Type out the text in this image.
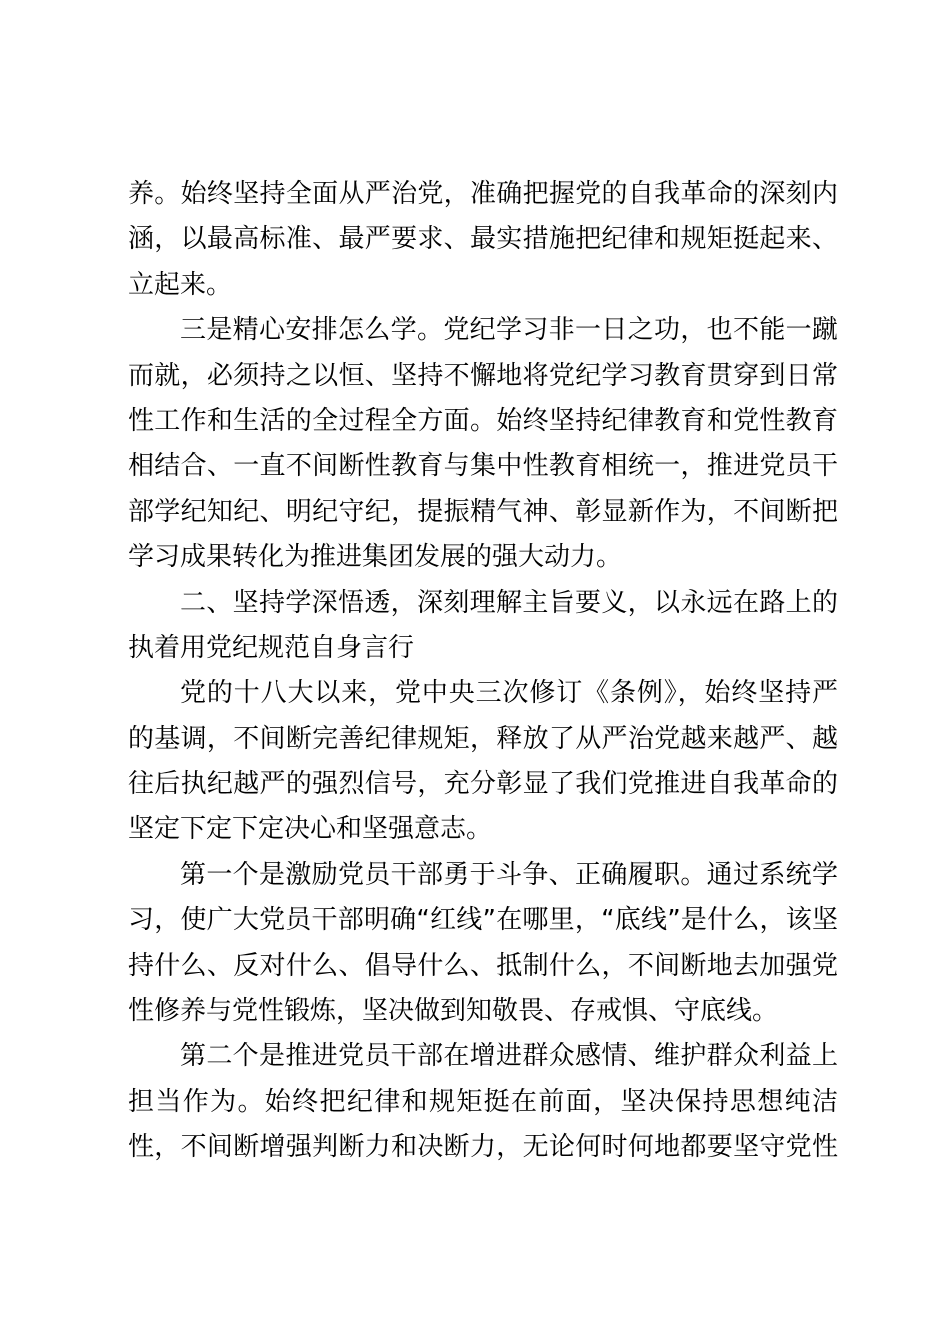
养。始终坚持全面从严治党，准确把握党的自我革命的深刻内
涵，以最高标准、最严要求、最实措施把纪律和规矩挺起来、
立起来。
三是精心安排怎么学。党纪学习非一日之功，也不能一蹴
而就，必须持之以恒、坚持不懈地将党纪学习教育贯穿到日常
性工作和生活的全过程全方面。始终坚持纪律教育和党性教育
相结合、一直不间断性教育与集中性教育相统一，推进党员干
部学纪知纪、明纪守纪，提振精气神、彰显新作为，不间断把
学习成果转化为推进集团发展的强大动力。
二、坚持学深悟透，深刻理解主旨要义，以永远在路上的
执着用党纪规范自身言行
党的十八大以来，党中央三次修订《条例》，始终坚持严
的基调，不间断完善纪律规矩，释放了从严治党越来越严、越
往后执纪越严的强烈信号，充分彰显了我们党推进自我革命的
坚定下定下定决心和坚强意志。
第一个是激励党员干部勇于斗争、正确履职。通过系统学
习，使广大党员干部明确“红线”在哪里，“底线”是什么，该坚
持什么、反对什么、倡导什么、抵制什么，不间断地去加强党
性修养与党性锻炼，坚决做到知敬畏、存戒惧、守底线。
第二个是推进党员干部在增进群众感情、维护群众利益上
担当作为。始终把纪律和规矩挺在前面，坚决保持思想纯洁
性，不间断增强判断力和决断力，无论何时何地都要坚守党性
